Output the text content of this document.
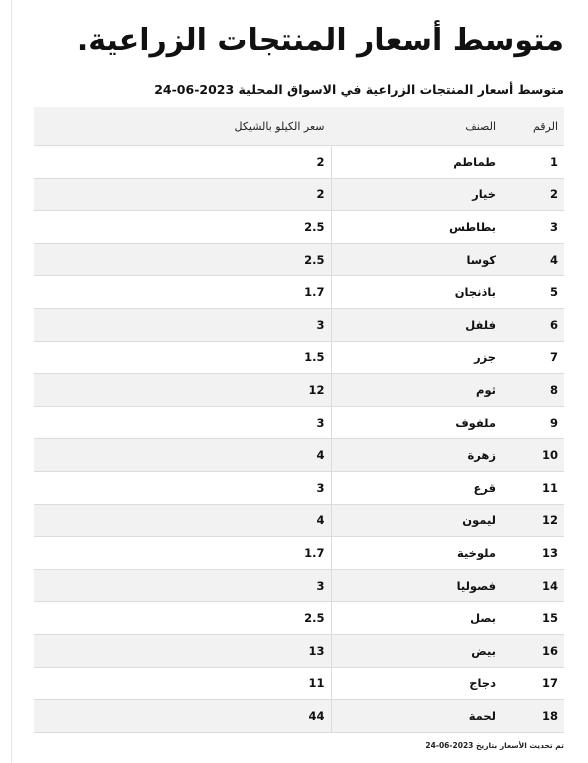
متوسط أسعار المنتجات الزراعية.
متوسط أسعار المنتجات الزراعية في الاسواق المحلية 2023-06-24
الرقم	الصنف	سعر الكيلو بالشيكل
1	طماطم	2
2	خيار	2
3	بطاطس	2.5
4	كوسا	2.5
5	باذنجان	1.7
6	فلفل	3
7	جزر	1.5
8	ثوم	12
9	ملفوف	3
10	زهرة	4
11	قرع	3
12	ليمون	4
13	ملوخية	1.7
14	فصوليا	3
15	بصل	2.5
16	بيض	13
17	دجاج	11
18	لحمة	44
تم تحديث الأسعار بتاريخ 2023-06-24
